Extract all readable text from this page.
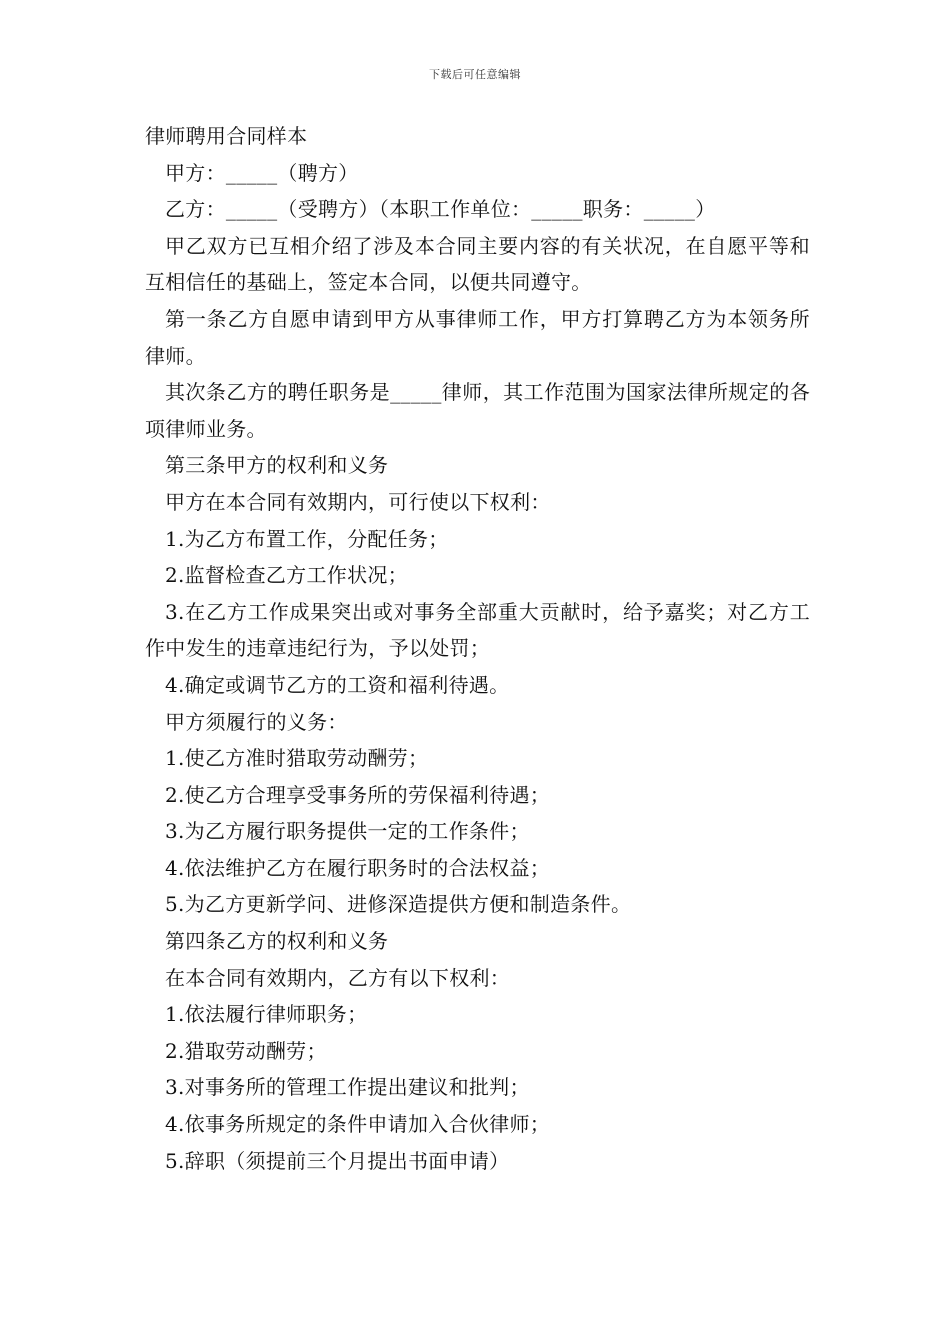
下载后可任意编辑
律师聘用合同样本
甲方：_____（聘方）
乙方：_____（受聘方）（本职工作单位：_____职务：_____）
甲乙双方已互相介绍了涉及本合同主要内容的有关状况，在自愿平等和互相信任的基础上，签定本合同，以便共同遵守。
第一条乙方自愿申请到甲方从事律师工作，甲方打算聘乙方为本领务所律师。
其次条乙方的聘任职务是_____律师，其工作范围为国家法律所规定的各项律师业务。
第三条甲方的权利和义务
甲方在本合同有效期内，可行使以下权利：
1.为乙方布置工作，分配任务；
2.监督检查乙方工作状况；
3.在乙方工作成果突出或对事务全部重大贡献时，给予嘉奖；对乙方工作中发生的违章违纪行为，予以处罚；
4.确定或调节乙方的工资和福利待遇。
甲方须履行的义务：
1.使乙方准时猎取劳动酬劳；
2.使乙方合理享受事务所的劳保福利待遇；
3.为乙方履行职务提供一定的工作条件；
4.依法维护乙方在履行职务时的合法权益；
5.为乙方更新学问、进修深造提供方便和制造条件。
第四条乙方的权利和义务
在本合同有效期内，乙方有以下权利：
1.依法履行律师职务；
2.猎取劳动酬劳；
3.对事务所的管理工作提出建议和批判；
4.依事务所规定的条件申请加入合伙律师；
5.辞职（须提前三个月提出书面申请）
